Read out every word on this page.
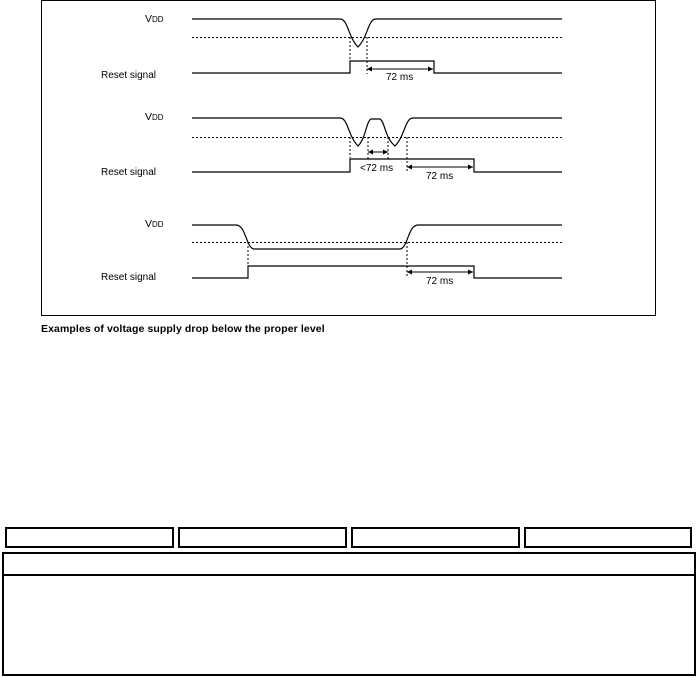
VDD
Reset signal	72 ms
VDD
Reset signal	<72 ms
72 ms
VDD
Reset signal	72 ms
Examples of voltage supply drop below the proper level
